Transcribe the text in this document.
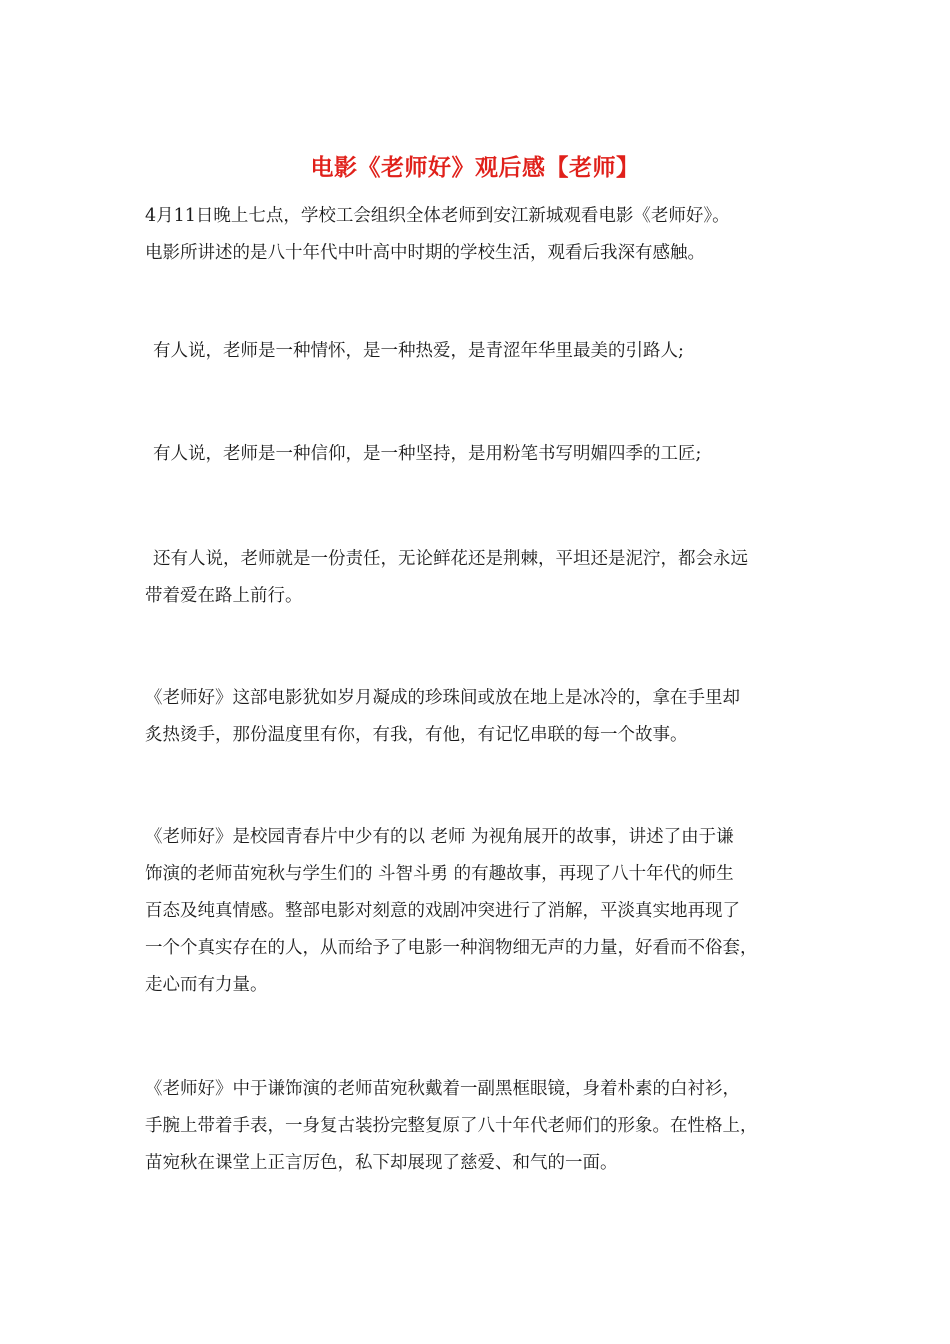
电影《老师好》观后感【老师】

4月11日晚上七点，学校工会组织全体老师到安江新城观看电影《老师好》。
电影所讲述的是八十年代中叶高中时期的学校生活，观看后我深有感触。

有人说，老师是一种情怀，是一种热爱，是青涩年华里最美的引路人;

有人说，老师是一种信仰，是一种坚持，是用粉笔书写明媚四季的工匠;

还有人说，老师就是一份责任，无论鲜花还是荆棘，平坦还是泥泞，都会永远
带着爱在路上前行。

《老师好》这部电影犹如岁月凝成的珍珠间或放在地上是冰冷的，拿在手里却
炙热烫手，那份温度里有你，有我，有他，有记忆串联的每一个故事。

《老师好》是校园青春片中少有的以 老师 为视角展开的故事，讲述了由于谦
饰演的老师苗宛秋与学生们的 斗智斗勇 的有趣故事，再现了八十年代的师生
百态及纯真情感。整部电影对刻意的戏剧冲突进行了消解，平淡真实地再现了
一个个真实存在的人，从而给予了电影一种润物细无声的力量，好看而不俗套，
走心而有力量。

《老师好》中于谦饰演的老师苗宛秋戴着一副黑框眼镜，身着朴素的白衬衫，
手腕上带着手表，一身复古装扮完整复原了八十年代老师们的形象。在性格上，
苗宛秋在课堂上正言厉色，私下却展现了慈爱、和气的一面。
